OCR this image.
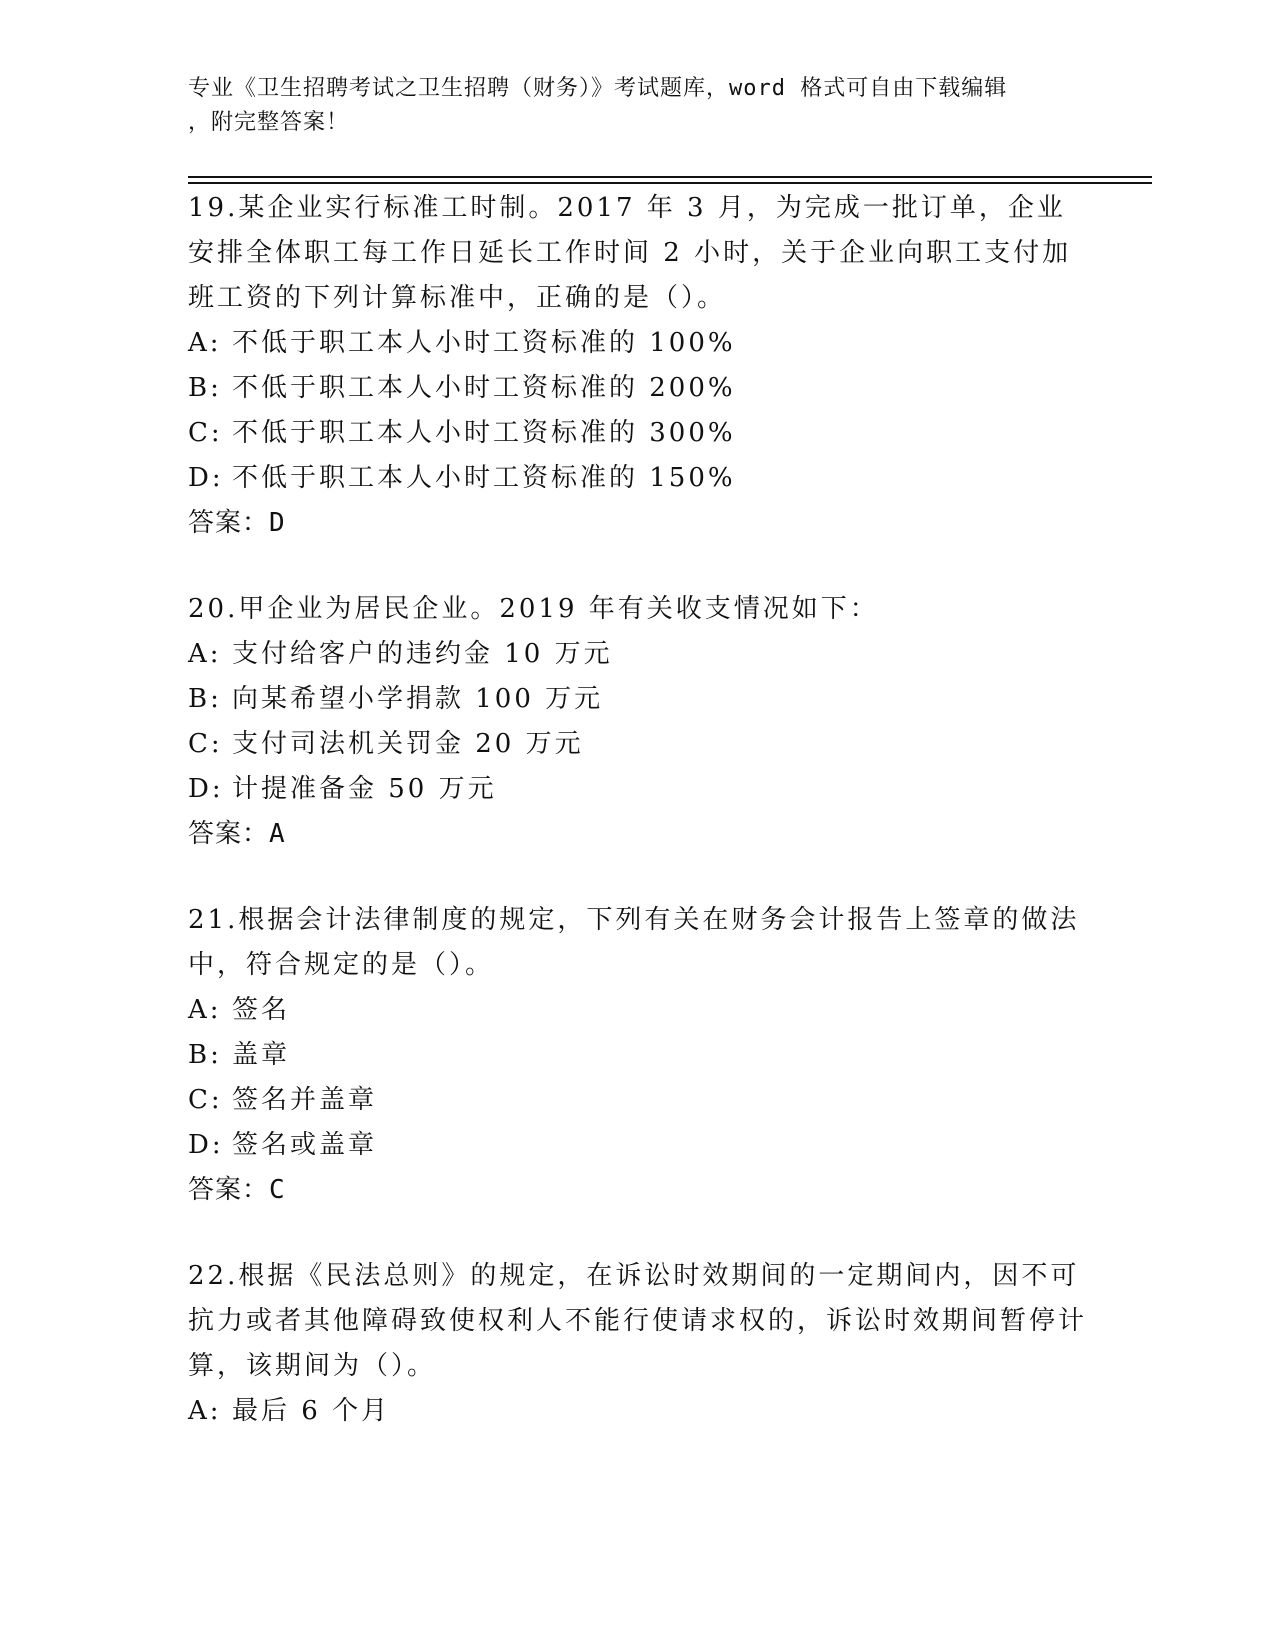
专业《卫生招聘考试之卫生招聘（财务）》考试题库，word 格式可自由下载编辑
，附完整答案！
19.某企业实行标准工时制。2017 年 3 月，为完成一批订单，企业安排全体职工每工作日延长工作时间 2 小时，关于企业向职工支付加班工资的下列计算标准中，正确的是（）。
A: 不低于职工本人小时工资标准的 100%
B: 不低于职工本人小时工资标准的 200%
C: 不低于职工本人小时工资标准的 300%
D: 不低于职工本人小时工资标准的 150%
答案：D
20.甲企业为居民企业。2019 年有关收支情况如下：
A: 支付给客户的违约金 10 万元
B: 向某希望小学捐款 100 万元
C: 支付司法机关罚金 20 万元
D: 计提准备金 50 万元
答案：A
21.根据会计法律制度的规定，下列有关在财务会计报告上签章的做法中，符合规定的是（）。
A: 签名
B: 盖章
C: 签名并盖章
D: 签名或盖章
答案：C
22.根据《民法总则》的规定，在诉讼时效期间的一定期间内，因不可抗力或者其他障碍致使权利人不能行使请求权的，诉讼时效期间暂停计算，该期间为（）。
A: 最后 6 个月
